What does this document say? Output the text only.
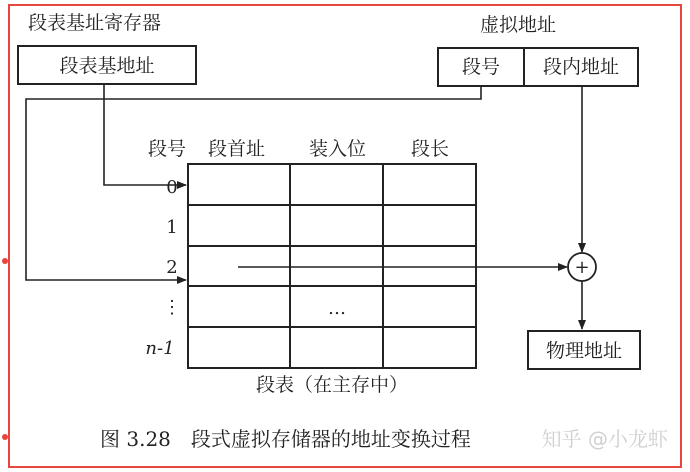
段表基址寄存器
段表基地址
虚拟地址
段号 段内地址
段号 段首址 装入位 段长
0
1
2
⋮
n-1
…
+
物理地址
段表（在主存中）
图 3.28　段式虚拟存储器的地址变换过程	知乎 @小龙虾
